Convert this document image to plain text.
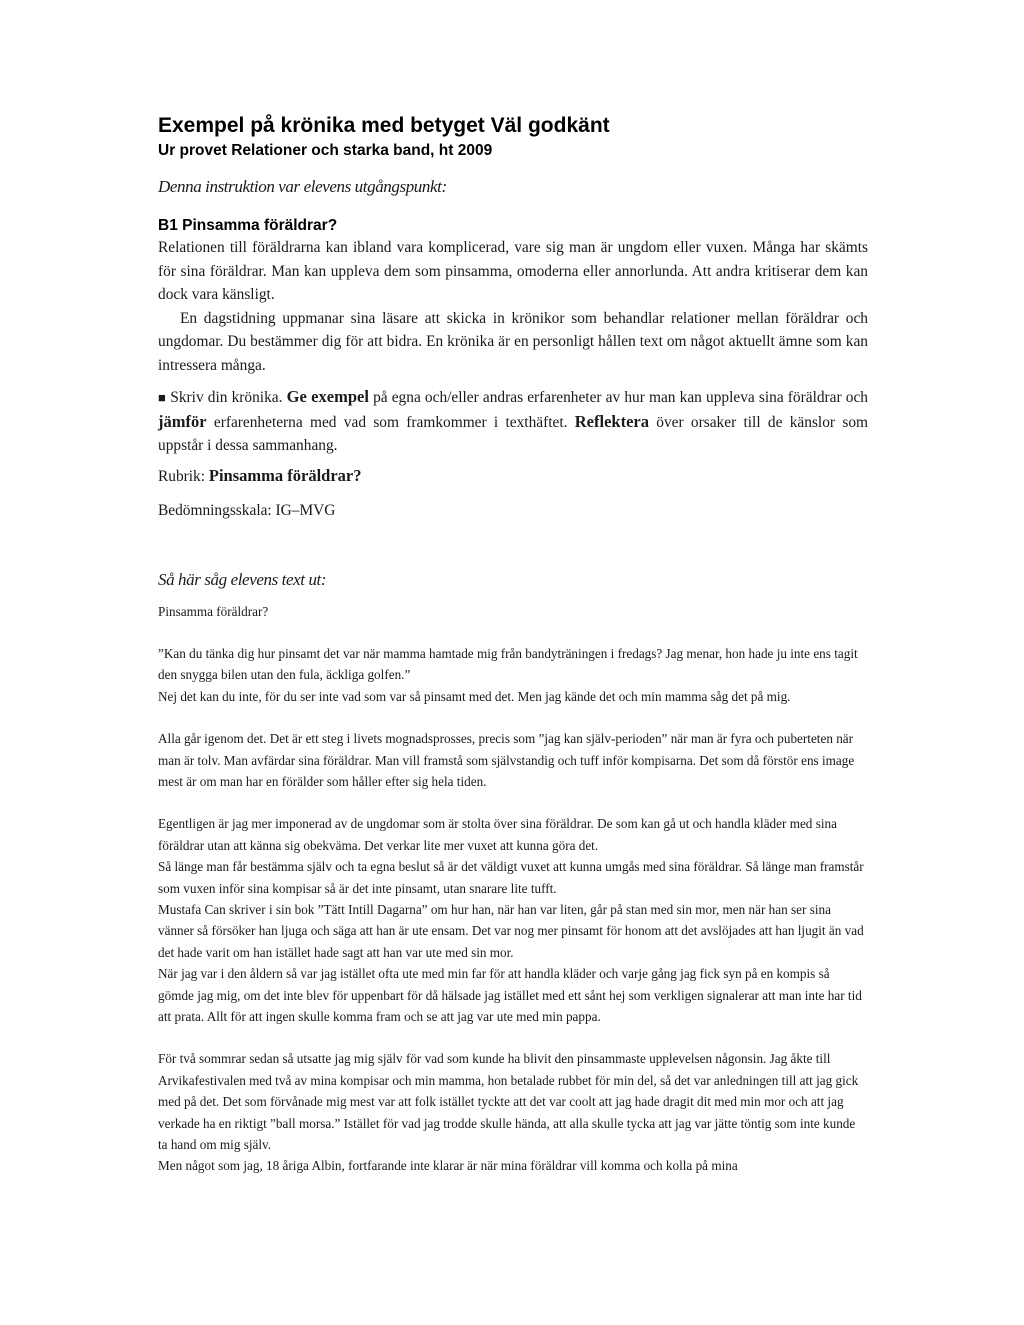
Exempel på krönika med betyget Väl godkänt
Ur provet Relationer och starka band, ht 2009
Denna instruktion var elevens utgångspunkt:
B1 Pinsamma föräldrar?

Relationen till föräldrarna kan ibland vara komplicerad, vare sig man är ungdom eller vuxen. Många har skämts för sina föräldrar. Man kan uppleva dem som pinsamma, omoderna eller annorlunda. Att andra kritiserar dem kan dock vara känsligt.

En dagstidning uppmanar sina läsare att skicka in krönikor som behandlar relationer mellan föräldrar och ungdomar. Du bestämmer dig för att bidra. En krönika är en personligt hållen text om något aktuellt ämne som kan intressera många.

■ Skriv din krönika. Ge exempel på egna och/eller andras erfarenheter av hur man kan uppleva sina föräldrar och jämför erfarenheterna med vad som framkommer i texthäftet. Reflektera över orsaker till de känslor som uppstår i dessa sammanhang.

Rubrik: Pinsamma föräldrar?
Bedömningsskala: IG–MVG
Så här såg elevens text ut:

Pinsamma föräldrar?

”Kan du tänka dig hur pinsamt det var när mamma hamtade mig från bandyträningen i fredags? Jag menar, hon hade ju inte ens tagit den snygga bilen utan den fula, äckliga golfen.”

Nej det kan du inte, för du ser inte vad som var så pinsamt med det. Men jag kände det och min mamma såg det på mig.

Alla går igenom det. Det är ett steg i livets mognadsprosses, precis som ”jag kan själv-perioden” när man är fyra och puberteten när man är tolv. Man avfärdar sina föräldrar. Man vill framstå som självstandig och tuff inför kompisarna. Det som då förstör ens image mest är om man har en förälder som håller efter sig hela tiden.

Egentligen är jag mer imponerad av de ungdomar som är stolta över sina föräldrar. De som kan gå ut och handla kläder med sina föräldrar utan att känna sig obekväma. Det verkar lite mer vuxet att kunna göra det.

Så länge man får bestämma själv och ta egna beslut så är det väldigt vuxet att kunna umgås med sina föräldrar. Så länge man framstår som vuxen inför sina kompisar så är det inte pinsamt, utan snarare lite tufft.

Mustafa Can skriver i sin bok ”Tätt Intill Dagarna” om hur han, när han var liten, går på stan med sin mor, men när han ser sina vänner så försöker han ljuga och säga att han är ute ensam. Det var nog mer pinsamt för honom att det avslöjades att han ljugit än vad det hade varit om han istället hade sagt att han var ute med sin mor.

När jag var i den åldern så var jag istället ofta ute med min far för att handla kläder och varje gång jag fick syn på en kompis så gömde jag mig, om det inte blev för uppenbart för då hälsade jag istället med ett sånt hej som verkligen signalerar att man inte har tid att prata. Allt för att ingen skulle komma fram och se att jag var ute med min pappa.

För två sommrar sedan så utsatte jag mig själv för vad som kunde ha blivit den pinsammaste upplevelsen någonsin. Jag åkte till Arvikafestivalen med två av mina kompisar och min mamma, hon betalade rubbet för min del, så det var anledningen till att jag gick med på det. Det som förvånade mig mest var att folk istället tyckte att det var coolt att jag hade dragit dit med min mor och att jag verkade ha en riktigt ”ball morsa.” Istället för vad jag trodde skulle hända, att alla skulle tycka att jag var jätte töntig som inte kunde ta hand om mig själv.

Men något som jag, 18 åriga Albin, fortfarande inte klarar är när mina föräldrar vill komma och kolla på mina
